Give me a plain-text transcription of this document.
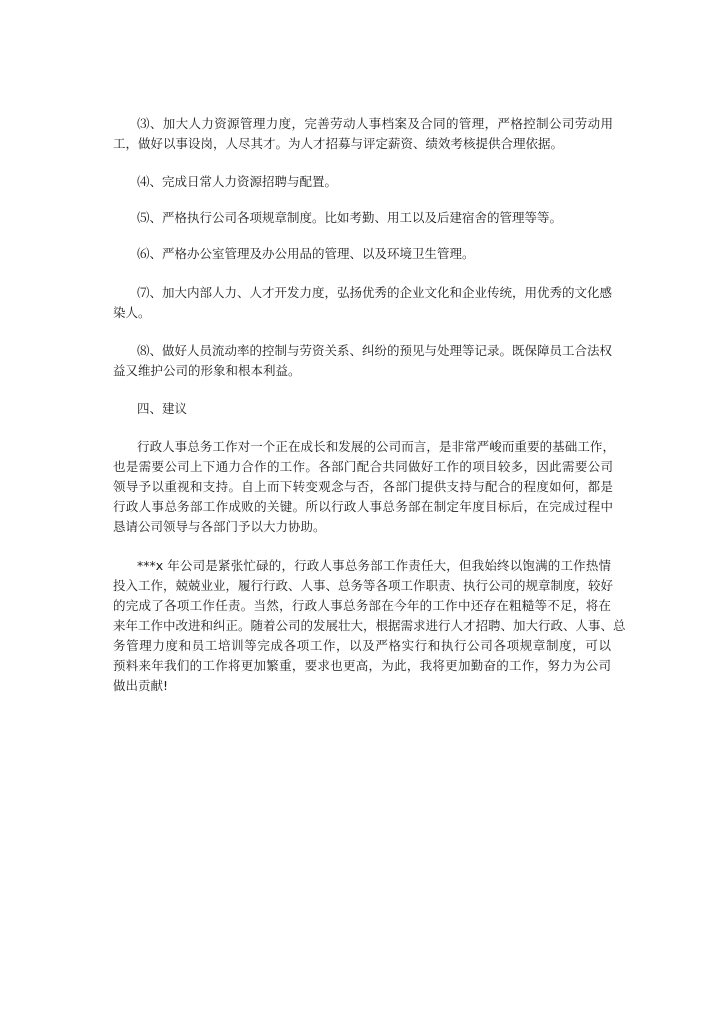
⑶、加大人力资源管理力度，完善劳动人事档案及合同的管理，严格控制公司劳动用
工，做好以事设岗，人尽其才。为人才招募与评定薪资、绩效考核提供合理依据。
⑷、完成日常人力资源招聘与配置。
⑸、严格执行公司各项规章制度。比如考勤、用工以及后建宿舍的管理等等。
⑹、严格办公室管理及办公用品的管理、以及环境卫生管理。
⑺、加大内部人力、人才开发力度，弘扬优秀的企业文化和企业传统，用优秀的文化感
染人。
⑻、做好人员流动率的控制与劳资关系、纠纷的预见与处理等记录。既保障员工合法权
益又维护公司的形象和根本利益。
四、建议
行政人事总务工作对一个正在成长和发展的公司而言，是非常严峻而重要的基础工作，
也是需要公司上下通力合作的工作。各部门配合共同做好工作的项目较多，因此需要公司
领导予以重视和支持。自上而下转变观念与否，各部门提供支持与配合的程度如何，都是
行政人事总务部工作成败的关键。所以行政人事总务部在制定年度目标后，在完成过程中
恳请公司领导与各部门予以大力协助。
***x 年公司是紧张忙碌的，行政人事总务部工作责任大，但我始终以饱满的工作热情
投入工作，兢兢业业，履行行政、人事、总务等各项工作职责、执行公司的规章制度，较好
的完成了各项工作任责。当然，行政人事总务部在今年的工作中还存在粗糙等不足，将在
来年工作中改进和纠正。随着公司的发展壮大，根据需求进行人才招聘、加大行政、人事、总
务管理力度和员工培训等完成各项工作，以及严格实行和执行公司各项规章制度，可以
预料来年我们的工作将更加繁重，要求也更高，为此，我将更加勤奋的工作，努力为公司
做出贡献!
